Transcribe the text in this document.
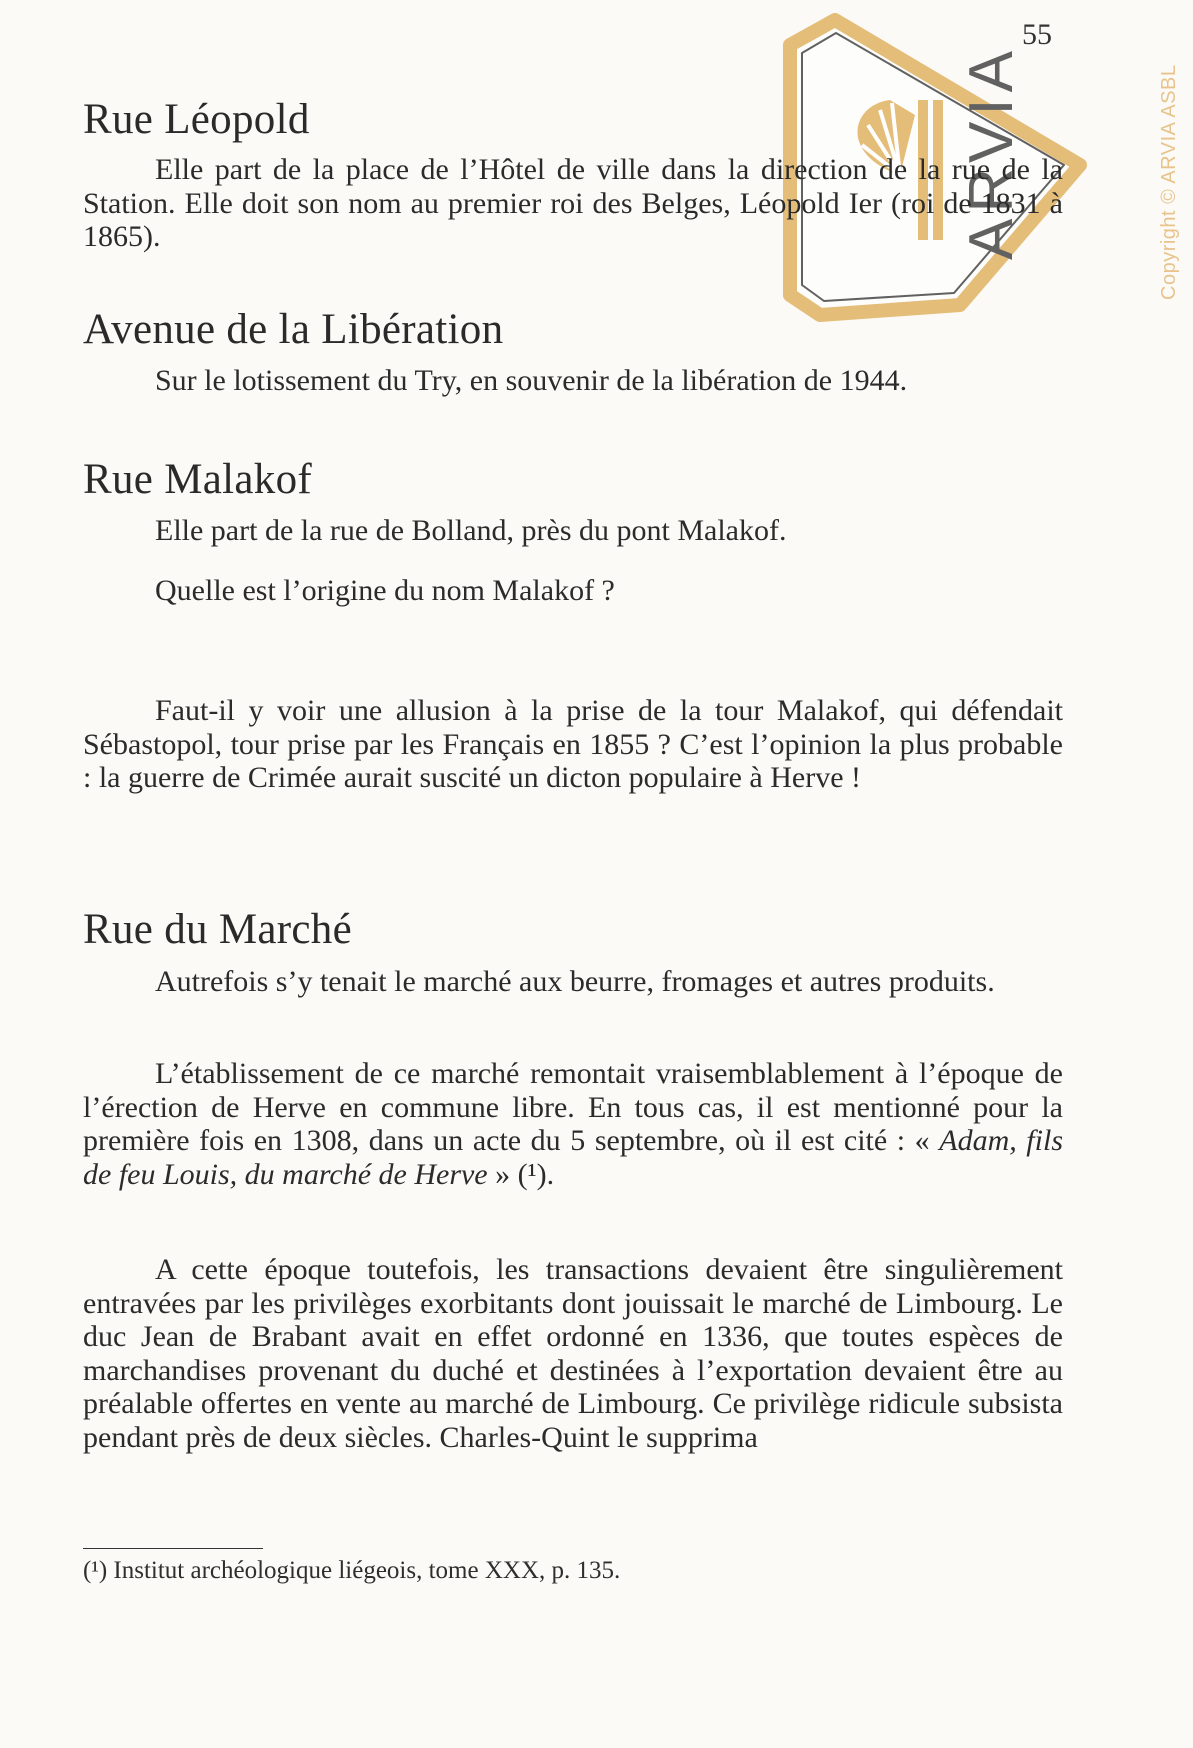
55
ARVIA	Copyright © ARVIA ASBL
Rue Léopold

Elle part de la place de l’Hôtel de ville dans la direction de la rue de la Station. Elle doit son nom au premier roi des Belges, Léopold Ier (roi de 1831 à 1865).

Avenue de la Libération

Sur le lotissement du Try, en souvenir de la libération de 1944.

Rue Malakof

Elle part de la rue de Bolland, près du pont Malakof.

Quelle est l’origine du nom Malakof ?

Faut-il y voir une allusion à la prise de la tour Malakof, qui défendait Sébastopol, tour prise par les Français en 1855 ? C’est l’opinion la plus probable : la guerre de Crimée aurait suscité un dicton populaire à Herve !

Rue du Marché

Autrefois s’y tenait le marché aux beurre, fromages et autres produits.

L’établissement de ce marché remontait vraisemblablement à l’époque de l’érection de Herve en commune libre. En tous cas, il est mentionné pour la première fois en 1308, dans un acte du 5 septembre, où il est cité : « Adam, fils de feu Louis, du marché de Herve » (¹).

A cette époque toutefois, les transactions devaient être singulièrement entravées par les privilèges exorbitants dont jouissait le marché de Limbourg. Le duc Jean de Brabant avait en effet ordonné en 1336, que toutes espèces de marchandises provenant du duché et destinées à l’exportation devaient être au préalable offertes en vente au marché de Limbourg. Ce privilège ridicule subsista pendant près de deux siècles. Charles-Quint le supprima

(¹) Institut archéologique liégeois, tome XXX, p. 135.
